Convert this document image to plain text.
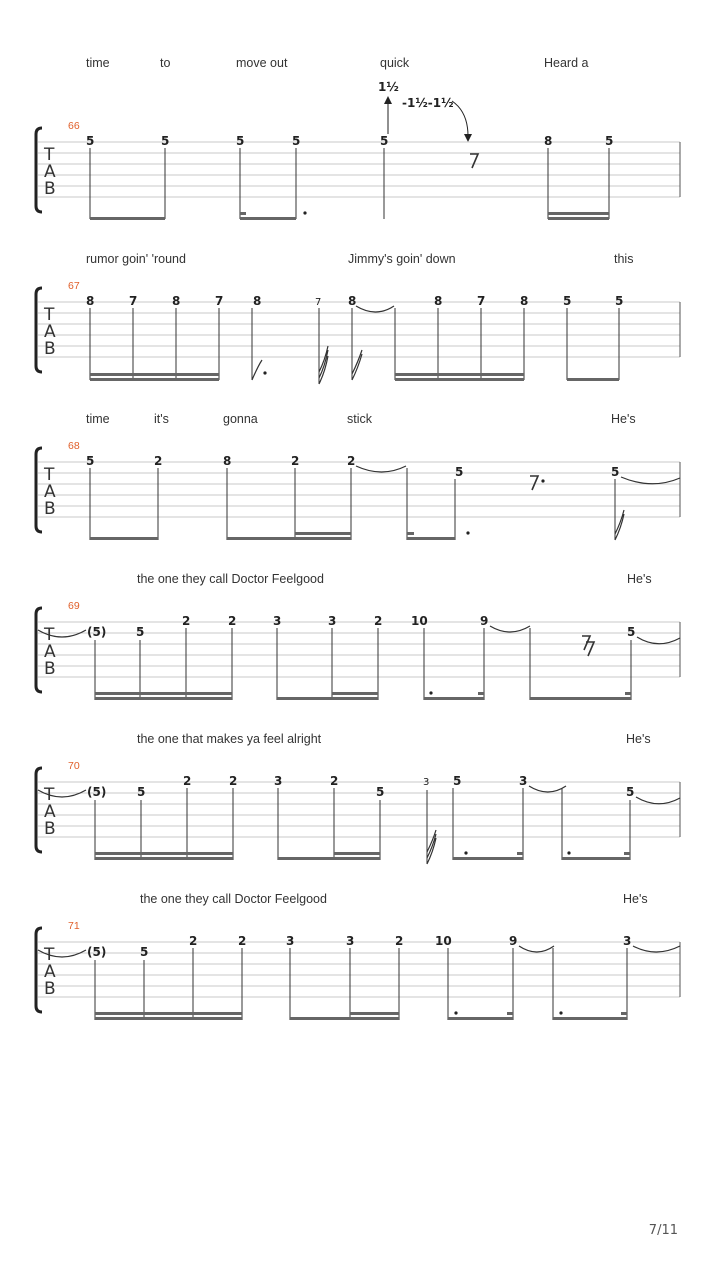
time	to	move out	quick	Heard a
66
1½
-1½-1½
T
A
B
5	5	5	5	5	8	5
rumor goin' 'round	Jimmy's goin' down	this
67
T
A
B
8	7	8	7 8	7 8	8	7	8	5	5
time	it's	gonna	stick	He's
68
T
A
B
5	2	8	2	2
5	5
the one they call Doctor Feelgood	He's
69
T
A
B
(5) 5
2	2	3	3	2 10	9
5
the one that makes ya feel alright	He's
70
T
A
B
(5)	5
2	2	3	2
5
3 5	3
5
the one they call Doctor Feelgood	He's
71
T
A
B
(5)	5
2	2	3	3	2	10	9	3
7/11
